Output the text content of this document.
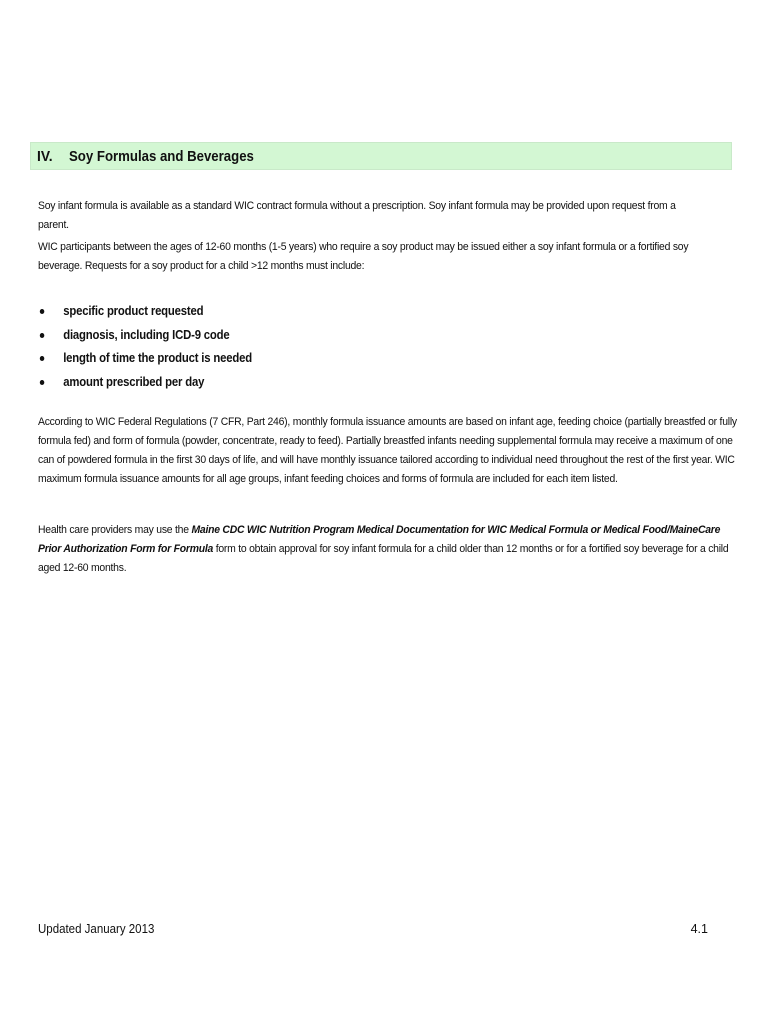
IV.	Soy Formulas and Beverages

Soy infant formula is available as a standard WIC contract formula without a prescription. Soy infant formula may be provided upon request from a parent.

WIC participants between the ages of 12-60 months (1-5 years) who require a soy product may be issued either a soy infant formula or a fortified soy beverage. Requests for a soy product for a child >12 months must include:

specific product requested
diagnosis, including ICD-9 code
length of time the product is needed
amount prescribed per day

According to WIC Federal Regulations (7 CFR, Part 246), monthly formula issuance amounts are based on infant age, feeding choice (partially breastfed or fully formula fed) and form of formula (powder, concentrate, ready to feed). Partially breastfed infants needing supplemental formula may receive a maximum of one can of powdered formula in the first 30 days of life, and will have monthly issuance tailored according to individual need throughout the rest of the first year. WIC maximum formula issuance amounts for all age groups, infant feeding choices and forms of formula are included for each item listed.

Health care providers may use the Maine CDC WIC Nutrition Program Medical Documentation for WIC Medical Formula or Medical Food/MaineCare Prior Authorization Form for Formula form to obtain approval for soy infant formula for a child older than 12 months or for a fortified soy beverage for a child aged 12-60 months.

Updated January 2013	4.1
